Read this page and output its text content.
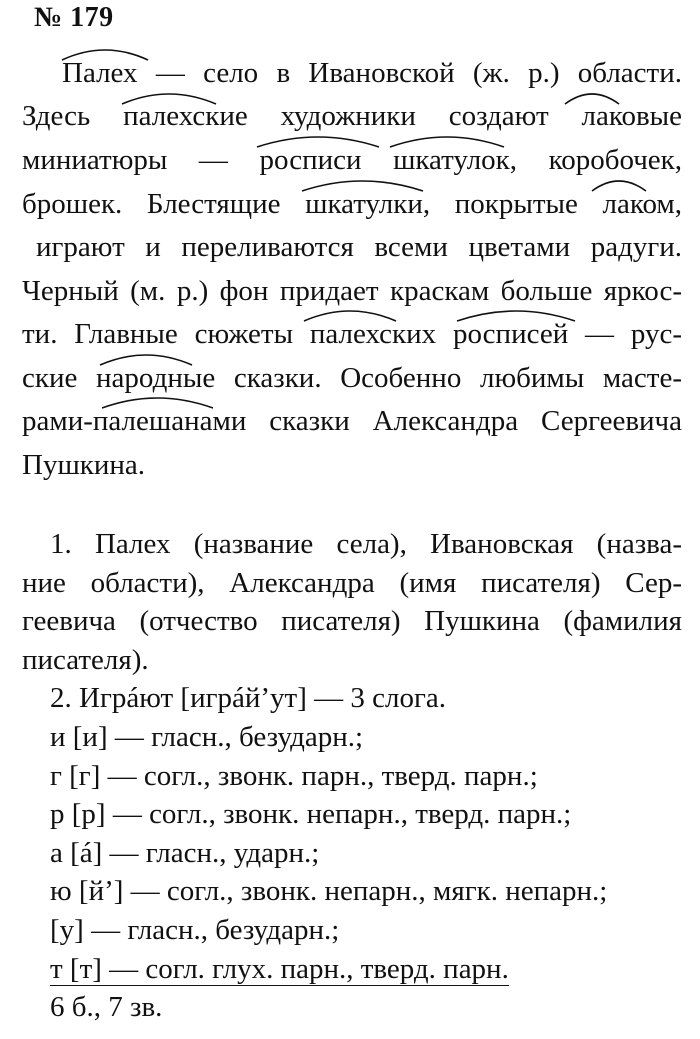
№ 179
Палех — село в Ивановской (ж. р.) области.
Здесь палехские художники создают лаковые
миниатюры — росписи шкатулок, коробочек,
брошек. Блестящие шкатулки, покрытые лаком,
играют и переливаются всеми цветами радуги.
Черный (м. р.) фон придает краскам больше яркос-
ти. Главные сюжеты палехских росписей — рус-
ские народные сказки. Особенно любимы масте-
рами-палешанами сказки Александра Сергеевича
Пушкина.
1. Палех (название села), Ивановская (назва-
ние области), Александра (имя писателя) Сер-
геевича (отчество писателя) Пушкина (фамилия
писателя).
2. Игрáют [игрáй’ут] — 3 слога.
и [и] — гласн., безударн.;
г [г] — согл., звонк. парн., тверд. парн.;
р [р] — согл., звонк. непарн., тверд. парн.;
а [á] — гласн., ударн.;
ю [й’] — согл., звонк. непарн., мягк. непарн.;
[у] — гласн., безударн.;
т [т] — согл. глух. парн., тверд. парн.
6 б., 7 зв.
